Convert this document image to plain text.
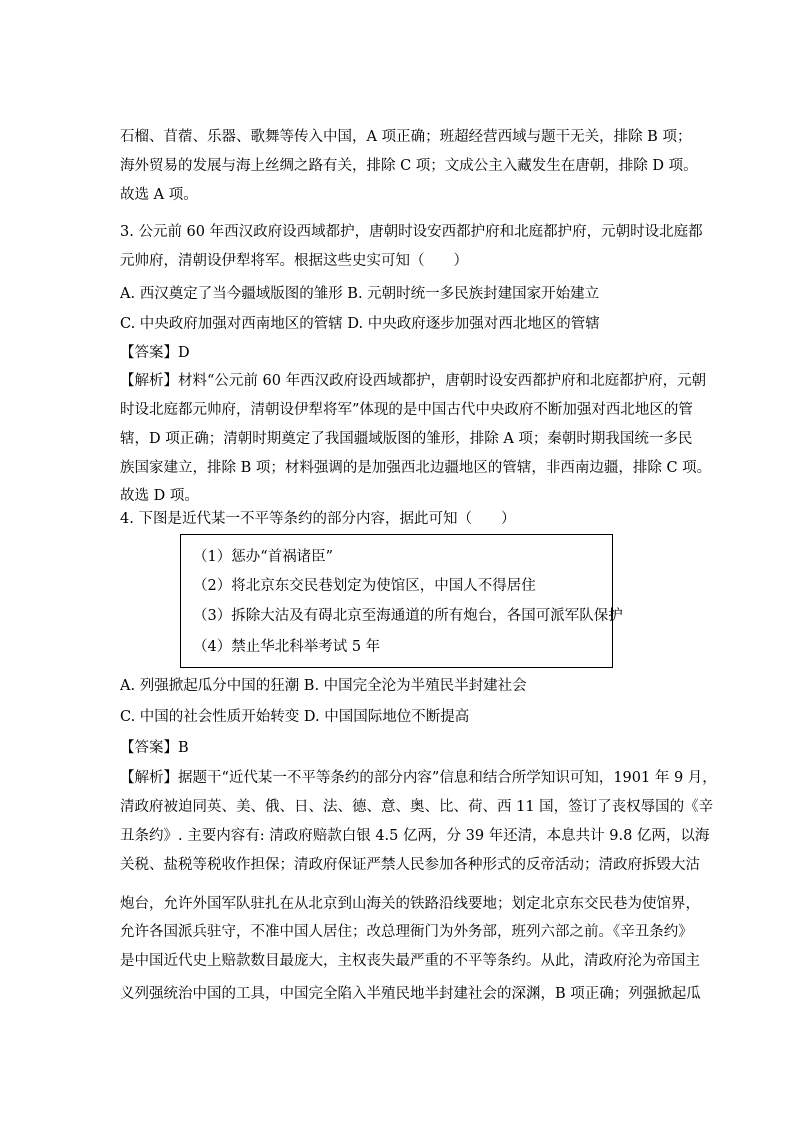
石榴、苜蓿、乐器、歌舞等传入中国，A 项正确；班超经营西域与题干无关，排除 B 项；
海外贸易的发展与海上丝绸之路有关，排除 C 项；文成公主入藏发生在唐朝，排除 D 项。
故选 A 项。
3. 公元前 60 年西汉政府设西域都护，唐朝时设安西都护府和北庭都护府，元朝时设北庭都
元帅府，清朝设伊犁将军。根据这些史实可知（　　）
A. 西汉奠定了当今疆域版图的雏形 B. 元朝时统一多民族封建国家开始建立
C. 中央政府加强对西南地区的管辖 D. 中央政府逐步加强对西北地区的管辖
【答案】D
【解析】材料“公元前 60 年西汉政府设西域都护，唐朝时设安西都护府和北庭都护府，元朝
时设北庭都元帅府，清朝设伊犁将军”体现的是中国古代中央政府不断加强对西北地区的管
辖，D 项正确；清朝时期奠定了我国疆域版图的雏形，排除 A 项；秦朝时期我国统一多民
族国家建立，排除 B 项；材料强调的是加强西北边疆地区的管辖，非西南边疆，排除 C 项。
故选 D 项。
4. 下图是近代某一不平等条约的部分内容，据此可知（　　）
（1）惩办“首祸诸臣”
（2）将北京东交民巷划定为使馆区，中国人不得居住
（3）拆除大沽及有碍北京至海通道的所有炮台，各国可派军队保护
（4）禁止华北科举考试 5 年
A. 列强掀起瓜分中国的狂潮 B. 中国完全沦为半殖民半封建社会
C. 中国的社会性质开始转变 D. 中国国际地位不断提高
【答案】B
【解析】据题干“近代某一不平等条约的部分内容”信息和结合所学知识可知，1901 年 9 月，
清政府被迫同英、美、俄、日、法、德、意、奥、比、荷、西 11 国，签订了丧权辱国的《辛
丑条约》. 主要内容有: 清政府赔款白银 4.5 亿两，分 39 年还清，本息共计 9.8 亿两，以海
关税、盐税等税收作担保；清政府保证严禁人民参加各种形式的反帝活动；清政府拆毁大沽
炮台，允许外国军队驻扎在从北京到山海关的铁路沿线要地；划定北京东交民巷为使馆界，
允许各国派兵驻守，不准中国人居住；改总理衙门为外务部，班列六部之前。《辛丑条约》
是中国近代史上赔款数目最庞大，主权丧失最严重的不平等条约。从此，清政府沦为帝国主
义列强统治中国的工具，中国完全陷入半殖民地半封建社会的深渊，B 项正确；列强掀起瓜
